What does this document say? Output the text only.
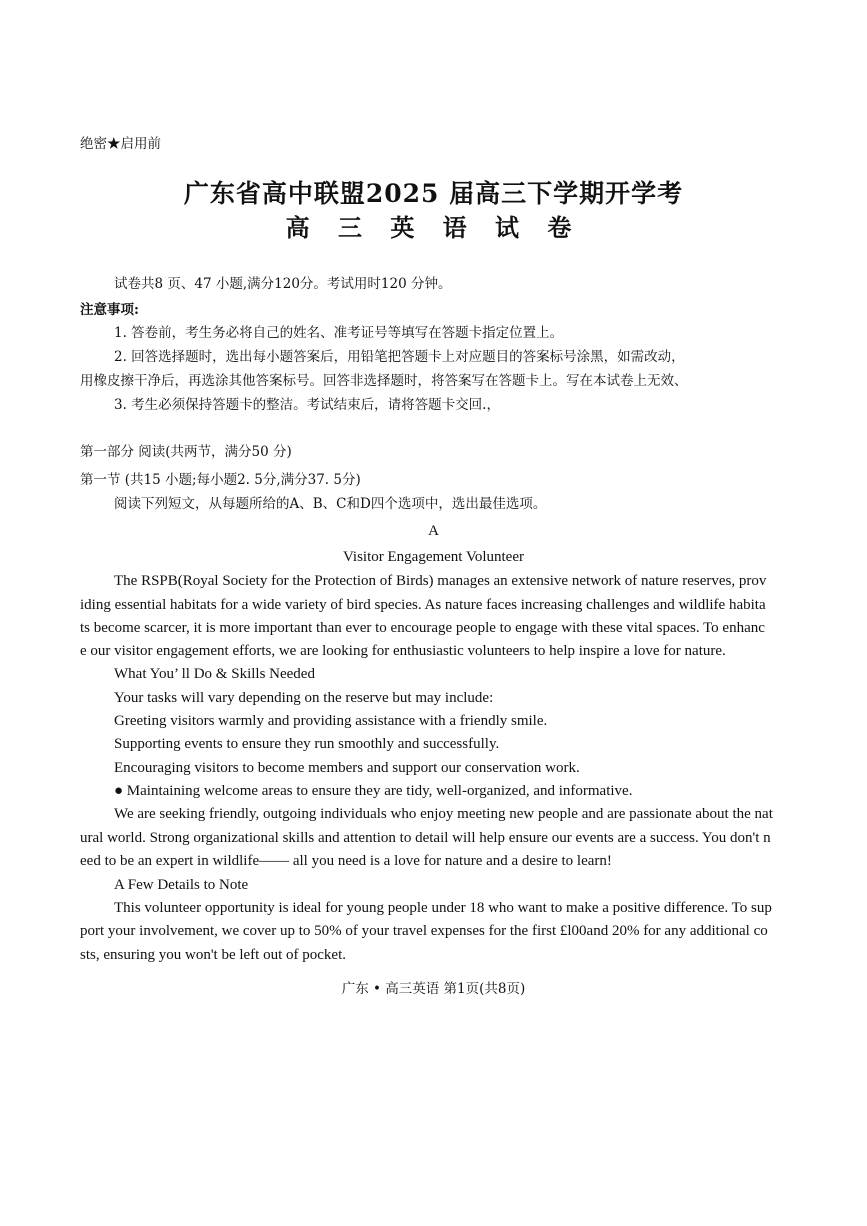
绝密★启用前
广东省高中联盟2025 届高三下学期开学考
高 三 英 语 试 卷
试卷共8 页、47 小题,满分120分。考试用时120 分钟。
注意事项:
1. 答卷前，考生务必将自己的姓名、准考证号等填写在答题卡指定位置上。
2. 回答选择题时，选出每小题答案后，用铅笔把答题卡上对应题目的答案标号涂黑，如需改动，
用橡皮擦干净后，再选涂其他答案标号。回答非选择题时，将答案写在答题卡上。写在本试卷上无效、
3. 考生必须保持答题卡的整洁。考试结束后，请将答题卡交回.，
第一部分 阅读(共两节，满分50 分)
第一节 (共15 小题;每小题2. 5分,满分37. 5分)
阅读下列短文，从每题所给的A、B、C和D四个选项中，选出最佳选项。
A
Visitor Engagement Volunteer
The RSPB(Royal Society for the Protection of Birds) manages an extensive network of nature reserves, prov
iding essential habitats for a wide variety of bird species. As nature faces increasing challenges and wildlife habita
ts become scarcer, it is more important than ever to encourage people to engage with these vital spaces. To enhanc
e our visitor engagement efforts, we are looking for enthusiastic volunteers to help inspire a love for nature.
What You’ ll Do & Skills Needed
Your tasks will vary depending on the reserve but may include:
Greeting visitors warmly and providing assistance with a friendly smile.
Supporting events to ensure they run smoothly and successfully.
Encouraging visitors to become members and support our conservation work.
● Maintaining welcome areas to ensure they are tidy, well-organized, and informative.
We are seeking friendly, outgoing individuals who enjoy meeting new people and are passionate about the nat
ural world. Strong organizational skills and attention to detail will help ensure our events are a success. You don't n
eed to be an expert in wildlife—— all you need is a love for nature and a desire to learn!
A Few Details to Note
This volunteer opportunity is ideal for young people under 18 who want to make a positive difference. To sup
port your involvement, we cover up to 50% of your travel expenses for the first £l00and 20% for any additional co
sts, ensuring you won't be left out of pocket.
广东 • 高三英语 第1页(共8页)
